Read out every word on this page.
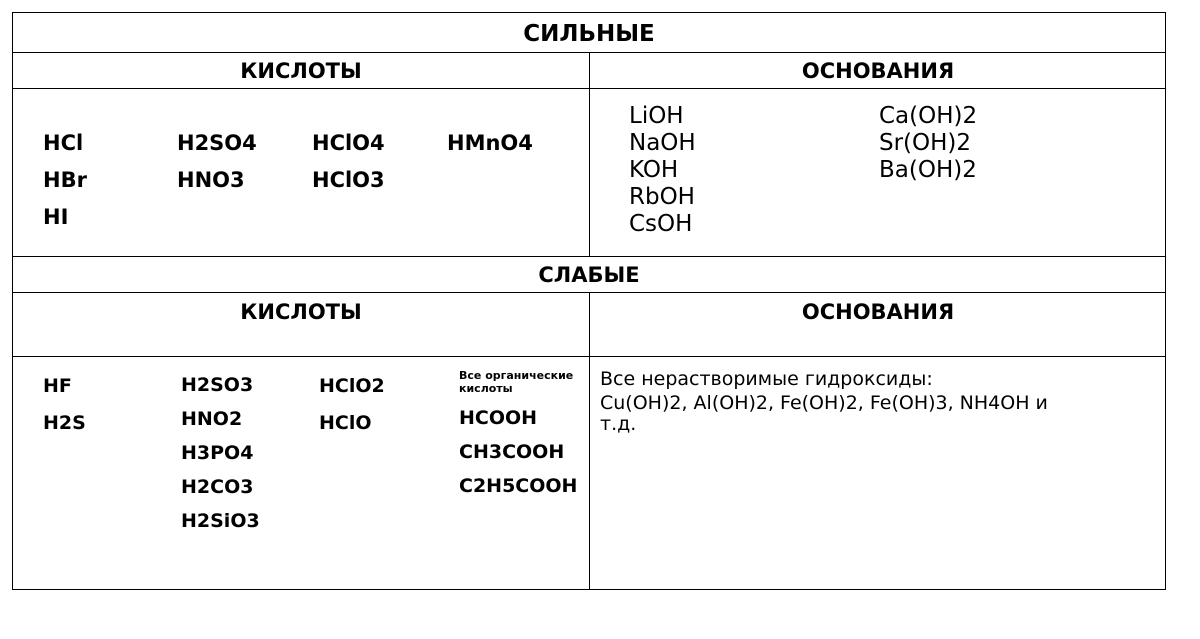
СИЛЬНЫЕ
КИСЛОТЫ	ОСНОВАНИЯ
СЛАБЫЕ
КИСЛОТЫ	ОСНОВАНИЯ
HCl
HBr
HI
H2SO4
HNO3
HClO4
HClO3
HMnO4
LiOH
NaOH
KOH
RbOH
CsOH
Ca(OH)2
Sr(OH)2
Ba(OH)2
HF
H2S
H2SO3
HNO2
H3PO4
H2CO3
H2SiO3
HClO2
HClO
Все органические кислоты
HCOOH
CH3COOH
C2H5COOH
Все нерастворимые гидроксиды:
Cu(OH)2, Al(OH)2, Fe(OH)2, Fe(OH)3, NH4OH и
т.д.
